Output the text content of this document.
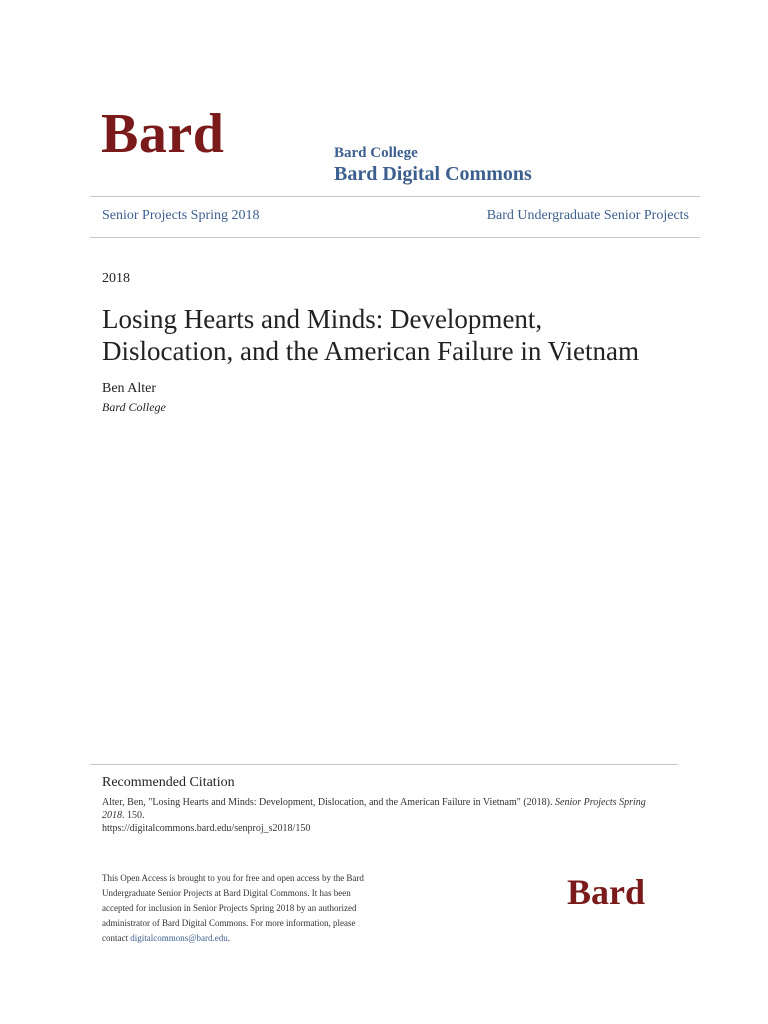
Bard	Bard College
Bard Digital Commons
Senior Projects Spring 2018	Bard Undergraduate Senior Projects
2018
Losing Hearts and Minds: Development,
Dislocation, and the American Failure in Vietnam
Ben Alter
Bard College
Recommended Citation
Alter, Ben, "Losing Hearts and Minds: Development, Dislocation, and the American Failure in Vietnam" (2018). Senior Projects Spring
2018. 150.
https://digitalcommons.bard.edu/senproj_s2018/150
This Open Access is brought to you for free and open access by the Bard
Undergraduate Senior Projects at Bard Digital Commons. It has been
accepted for inclusion in Senior Projects Spring 2018 by an authorized
administrator of Bard Digital Commons. For more information, please
contact digitalcommons@bard.edu.
Bard
